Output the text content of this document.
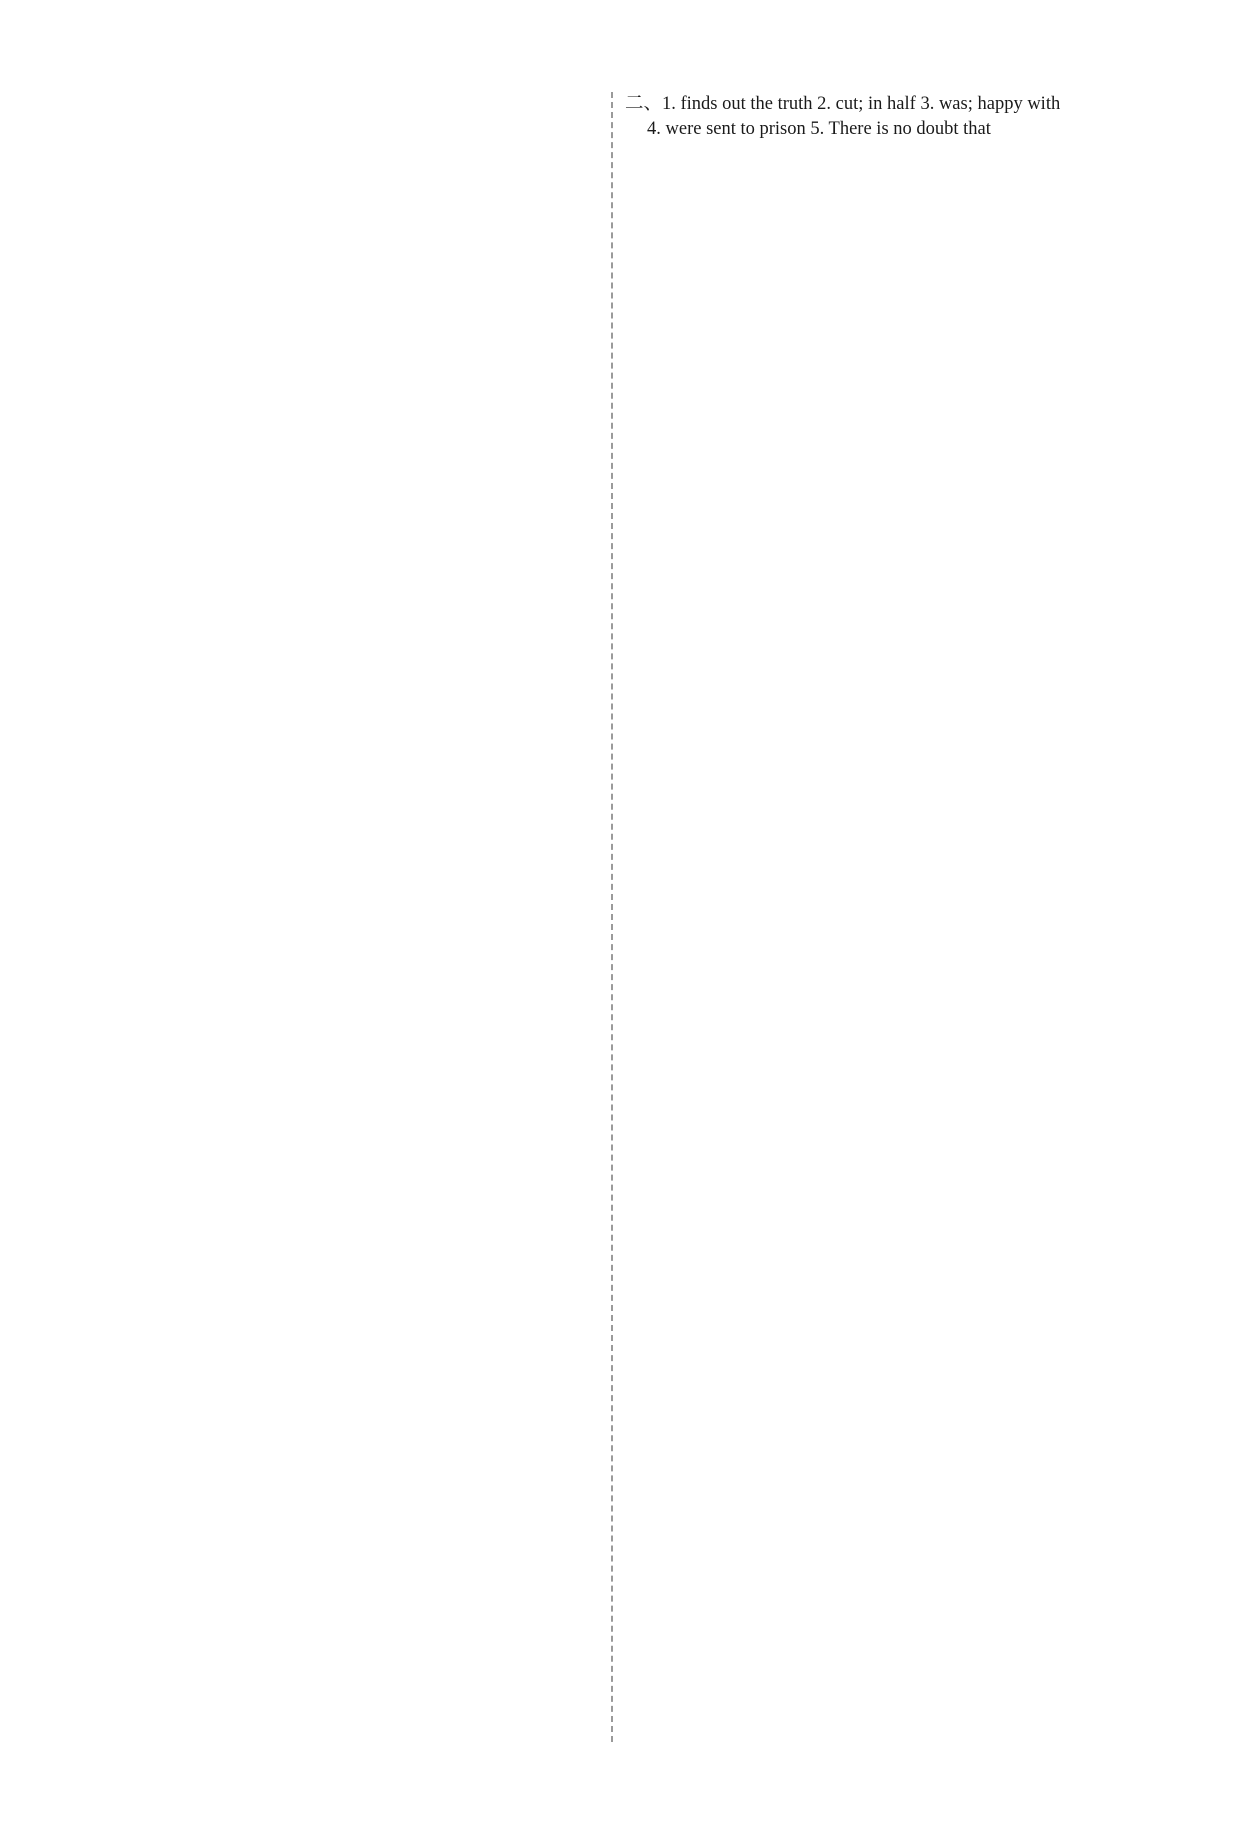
二、1. finds out the truth 2. cut; in half 3. was; happy with
4. were sent to prison 5. There is no doubt that
